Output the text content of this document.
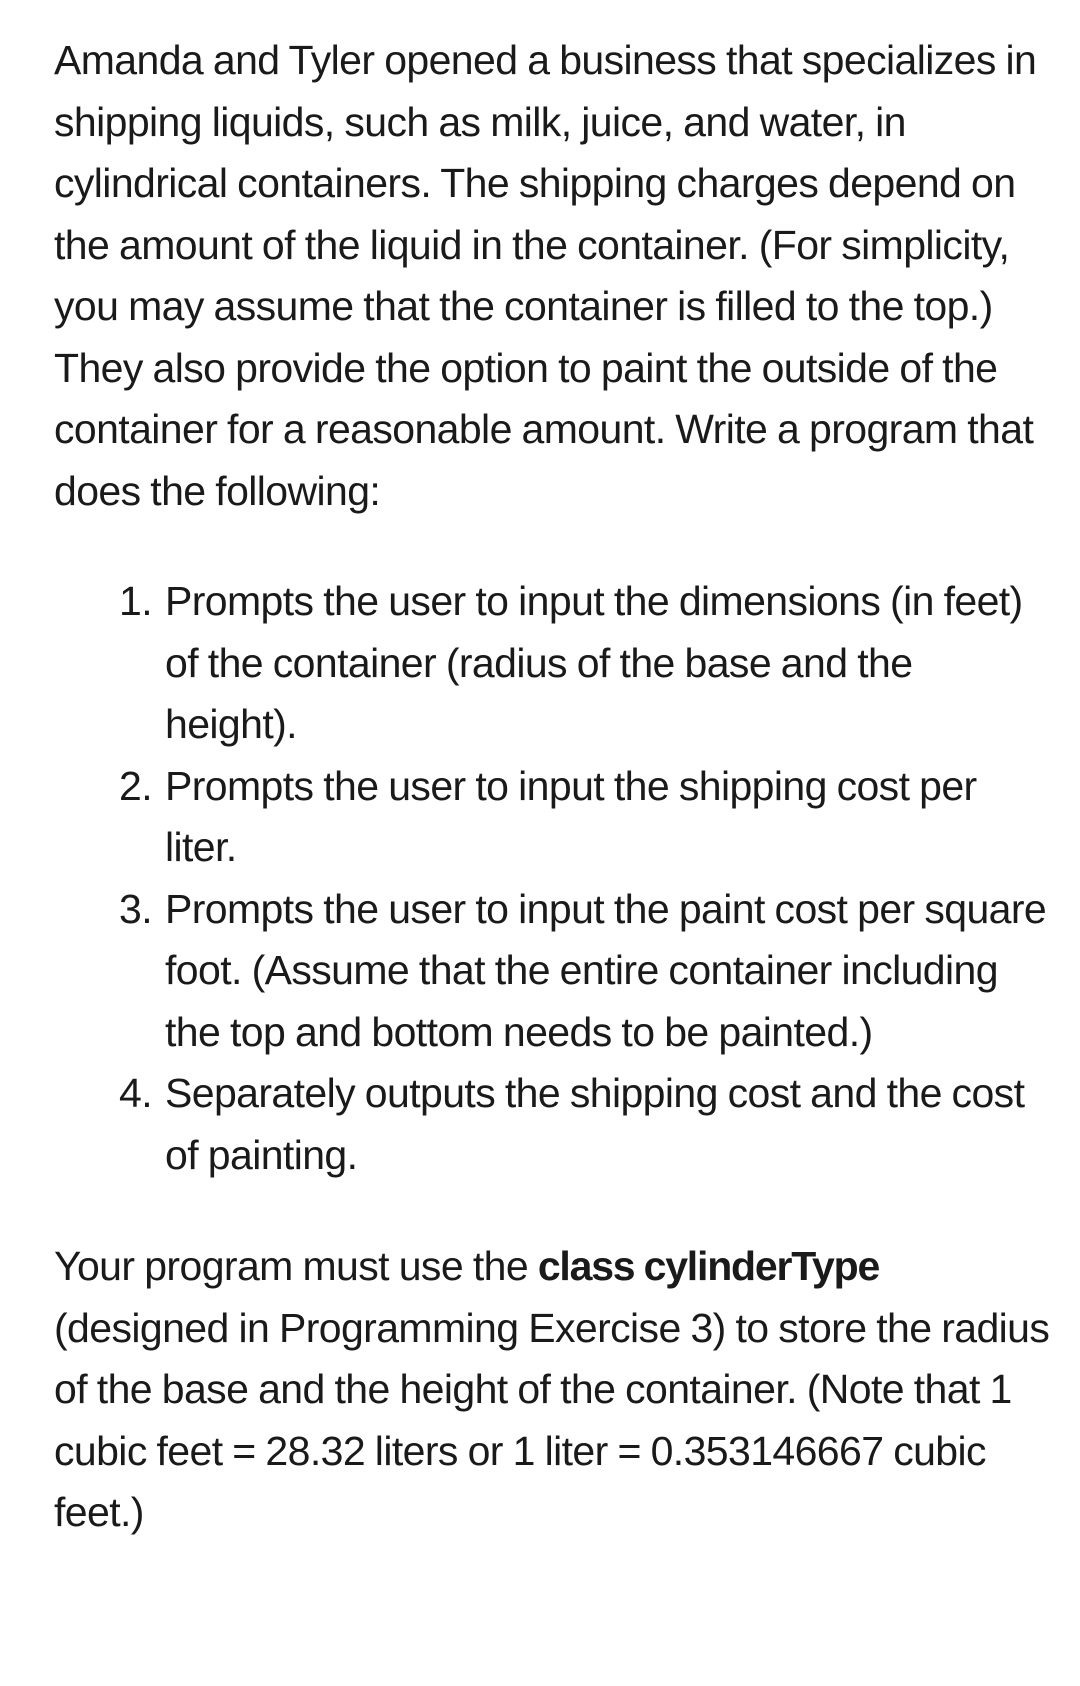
Amanda and Tyler opened a business that specializes in shipping liquids, such as milk, juice, and water, in cylindrical containers. The shipping charges depend on the amount of the liquid in the container. (For simplicity, you may assume that the container is filled to the top.) They also provide the option to paint the outside of the container for a reasonable amount. Write a program that does the following:

1. Prompts the user to input the dimensions (in feet) of the container (radius of the base and the height).
2. Prompts the user to input the shipping cost per liter.
3. Prompts the user to input the paint cost per square foot. (Assume that the entire container including the top and bottom needs to be painted.)
4. Separately outputs the shipping cost and the cost of painting.

Your program must use the class cylinderType (designed in Programming Exercise 3) to store the radius of the base and the height of the container. (Note that 1 cubic feet = 28.32 liters or 1 liter = 0.353146667 cubic feet.)
